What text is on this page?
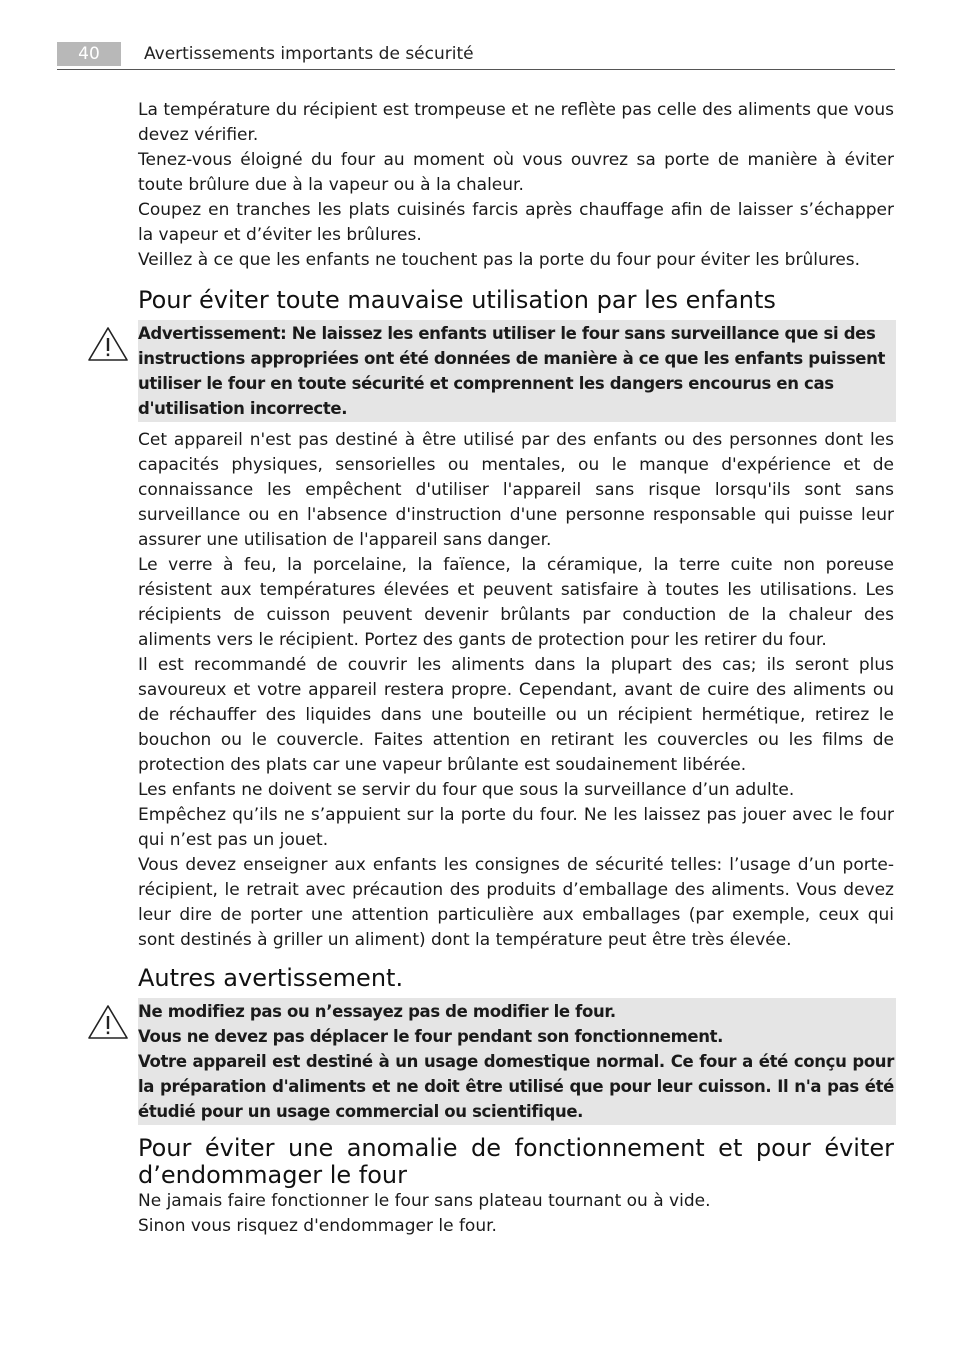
40	Avertissements importants de sécurité

La température du récipient est trompeuse et ne reflète pas celle des aliments que vous devez vérifier.

Tenez-vous éloigné du four au moment où vous ouvrez sa porte de manière à éviter toute brûlure due à la vapeur ou à la chaleur.

Coupez en tranches les plats cuisinés farcis après chauffage afin de laisser s’échapper la vapeur et d’éviter les brûlures.

Veillez à ce que les enfants ne touchent pas la porte du four pour éviter les brûlures.

Pour éviter toute mauvaise utilisation par les enfants

Advertissement: Ne laissez les enfants utiliser le four sans surveillance que si des

instructions appropriées ont été données de manière à ce que les enfants puissent

utiliser le four en toute sécurité et comprennent les dangers encourus en cas

d'utilisation incorrecte.

Cet appareil n'est pas destiné à être utilisé par des enfants ou des personnes dont les capacités physiques, sensorielles ou mentales, ou le manque d'expérience et de connaissance les empêchent d'utiliser l'appareil sans risque lorsqu'ils sont sans surveillance ou en l'absence d'instruction d'une personne responsable qui puisse leur assurer une utilisation de l'appareil sans danger.

Le verre à feu, la porcelaine, la faïence, la céramique, la terre cuite non poreuse résistent aux températures élevées et peuvent satisfaire à toutes les utilisations. Les récipients de cuisson peuvent devenir brûlants par conduction de la chaleur des aliments vers le récipient. Portez des gants de protection pour les retirer du four.

Il est recommandé de couvrir les aliments dans la plupart des cas; ils seront plus savoureux et votre appareil restera propre. Cependant, avant de cuire des aliments ou de réchauffer des liquides dans une bouteille ou un récipient hermétique, retirez le bouchon ou le couvercle. Faites attention en retirant les couvercles ou les films de protection des plats car une vapeur brûlante est soudainement libérée.

Les enfants ne doivent se servir du four que sous la surveillance d’un adulte.

Empêchez qu’ils ne s’appuient sur la porte du four. Ne les laissez pas jouer avec le four qui n’est pas un jouet.

Vous devez enseigner aux enfants les consignes de sécurité telles: l’usage d’un porte-récipient, le retrait avec précaution des produits d’emballage des aliments. Vous devez leur dire de porter une attention particulière aux emballages (par exemple, ceux qui sont destinés à griller un aliment) dont la température peut être très élevée.

Autres avertissement.

Ne modifiez pas ou n’essayez pas de modifier le four.

Vous ne devez pas déplacer le four pendant son fonctionnement.

Votre appareil est destiné à un usage domestique normal. Ce four a été conçu pour la préparation d'aliments et ne doit être utilisé que pour leur cuisson. Il n'a pas été étudié pour un usage commercial ou scientifique.

Pour éviter une anomalie de fonctionnement et pour éviter d’endommager le four

Ne jamais faire fonctionner le four sans plateau tournant ou à vide.

Sinon vous risquez d'endommager le four.
